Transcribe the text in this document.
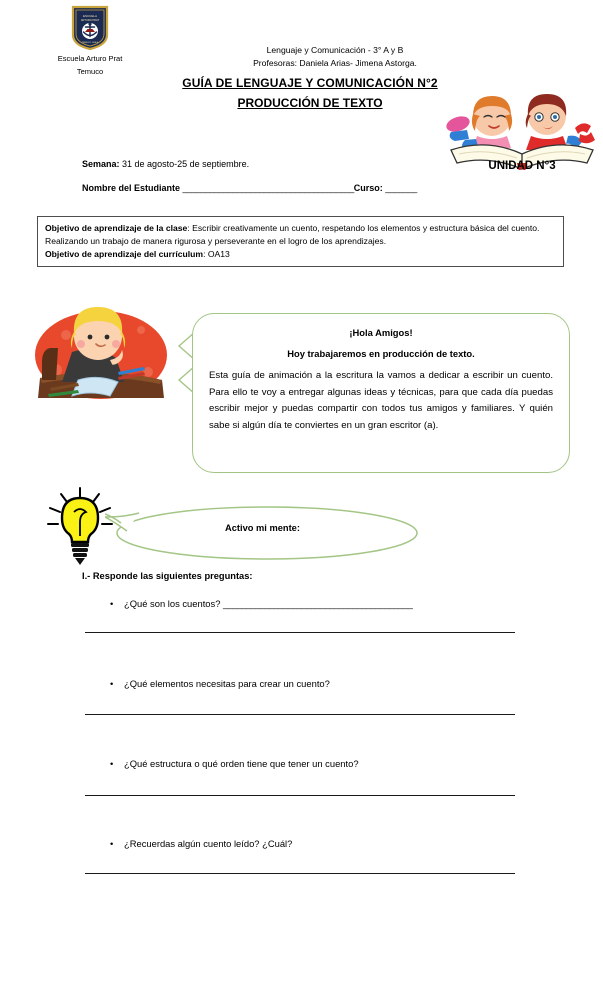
ESCUELA
ARTURO PRAT
TEMUCO CHILE
Escuela Arturo Prat
Temuco
Lenguaje y Comunicación - 3° A y B
Profesoras: Daniela Arias- Jimena Astorga.
GUÍA DE LENGUAJE Y COMUNICACIÓN N°2
PRODUCCIÓN DE TEXTO
UNIDAD N°3
Semana: 31 de agosto-25 de septiembre.
Nombre del Estudiante ______________________________________Curso: _______
Objetivo de aprendizaje de la clase: Escribir creativamente un cuento, respetando los elementos y estructura básica del cuento. Realizando un trabajo de manera rigurosa y perseverante en el logro de los aprendizajes.
Objetivo de aprendizaje del currículum: OA13
¡Hola Amigos!
Hoy trabajaremos en producción de texto.
Esta guía de animación a la escritura la vamos a dedicar a escribir un cuento. Para ello te voy a entregar algunas ideas y técnicas, para que cada día puedas escribir mejor y puedas compartir con todos tus amigos y familiares. Y quién sabe si algún día te conviertes en un gran escritor (a).
Activo mi mente:
I.- Responde las siguientes preguntas:
• ¿Qué son los cuentos? _________________________________________
• ¿Qué elementos necesitas para crear un cuento?
• ¿Qué estructura o qué orden tiene que tener un cuento?
• ¿Recuerdas algún cuento leído? ¿Cuál?
